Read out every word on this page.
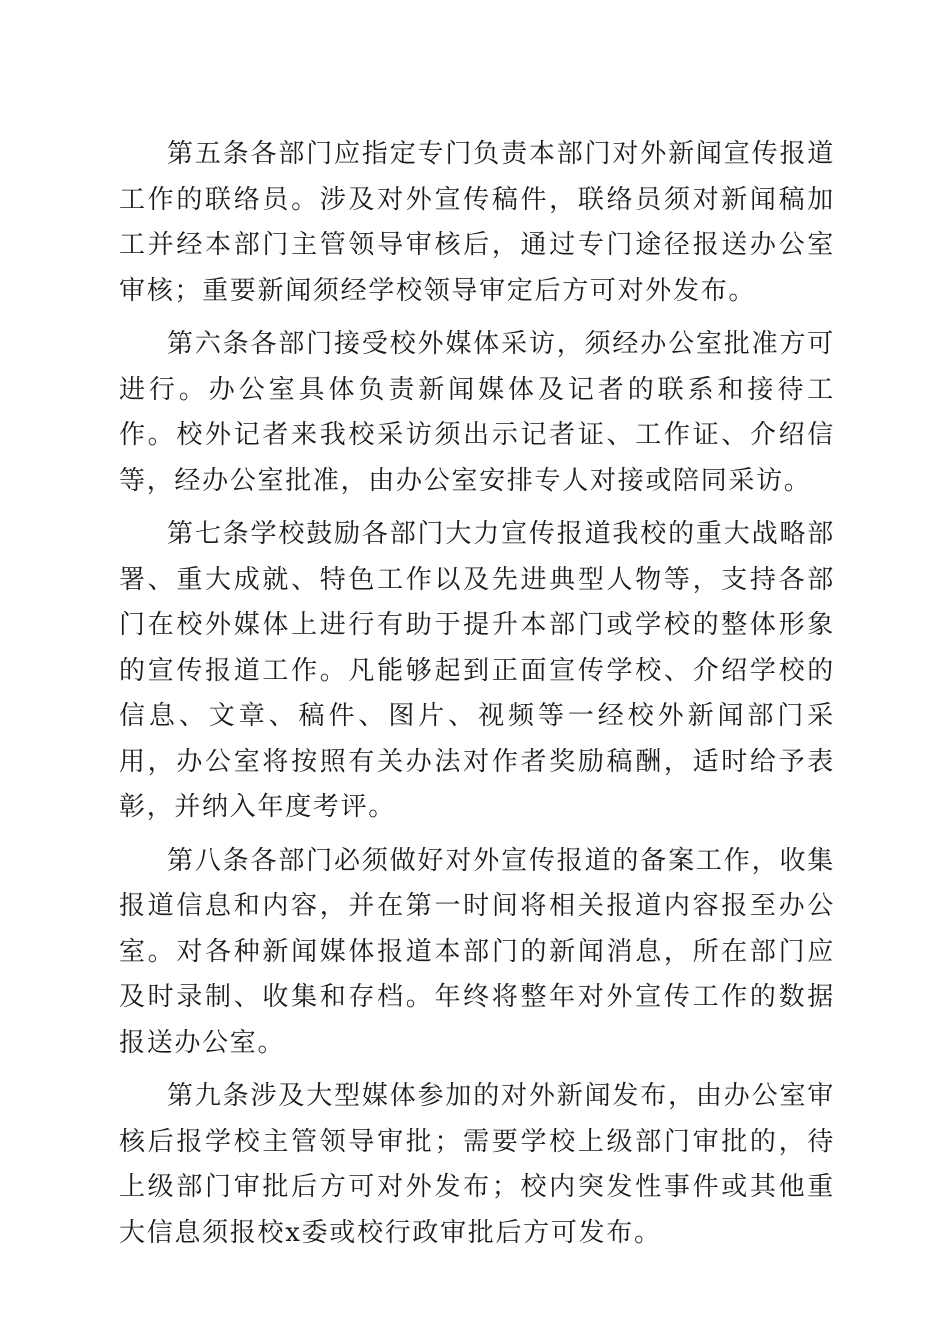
第五条各部门应指定专门负责本部门对外新闻宣传报道工作的联络员。涉及对外宣传稿件，联络员须对新闻稿加工并经本部门主管领导审核后，通过专门途径报送办公室审核；重要新闻须经学校领导审定后方可对外发布。

第六条各部门接受校外媒体采访，须经办公室批准方可进行。办公室具体负责新闻媒体及记者的联系和接待工作。校外记者来我校采访须出示记者证、工作证、介绍信等，经办公室批准，由办公室安排专人对接或陪同采访。

第七条学校鼓励各部门大力宣传报道我校的重大战略部署、重大成就、特色工作以及先进典型人物等，支持各部门在校外媒体上进行有助于提升本部门或学校的整体形象的宣传报道工作。凡能够起到正面宣传学校、介绍学校的信息、文章、稿件、图片、视频等一经校外新闻部门采用，办公室将按照有关办法对作者奖励稿酬，适时给予表彰，并纳入年度考评。

第八条各部门必须做好对外宣传报道的备案工作，收集报道信息和内容，并在第一时间将相关报道内容报至办公室。对各种新闻媒体报道本部门的新闻消息，所在部门应及时录制、收集和存档。年终将整年对外宣传工作的数据报送办公室。

第九条涉及大型媒体参加的对外新闻发布，由办公室审核后报学校主管领导审批；需要学校上级部门审批的，待上级部门审批后方可对外发布；校内突发性事件或其他重大信息须报校x委或校行政审批后方可发布。
